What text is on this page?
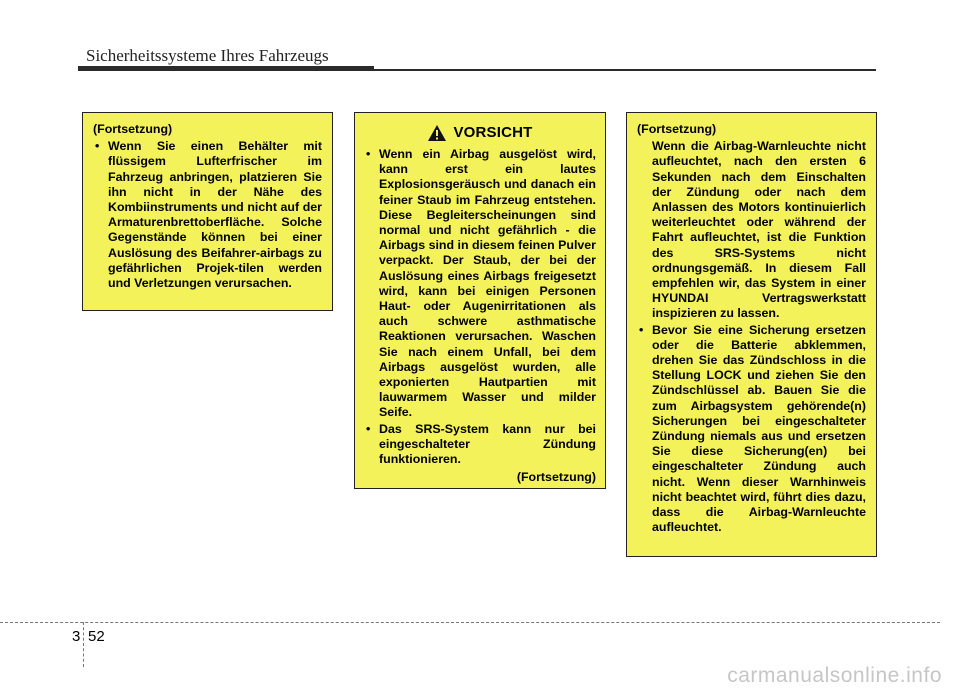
Sicherheitssysteme Ihres Fahrzeugs
(Fortsetzung)
• Wenn Sie einen Behälter mit flüssigem Lufterfrischer im Fahrzeug anbringen, platzieren Sie ihn nicht in der Nähe des Kombiinstruments und nicht auf der Armaturenbrettoberfläche. Solche Gegenstände können bei einer Auslösung des Beifahrer-airbags zu gefährlichen Projek-tilen werden und Verletzungen verursachen.
VORSICHT
• Wenn ein Airbag ausgelöst wird, kann erst ein lautes Explosionsgeräusch und danach ein feiner Staub im Fahrzeug entstehen. Diese Begleiterscheinungen sind normal und nicht gefährlich - die Airbags sind in diesem feinen Pulver verpackt. Der Staub, der bei der Auslösung eines Airbags freigesetzt wird, kann bei einigen Personen Haut- oder Augenirritationen als auch schwere asthmatische Reaktionen verursachen. Waschen Sie nach einem Unfall, bei dem Airbags ausgelöst wurden, alle exponierten Hautpartien mit lauwarmem Wasser und milder Seife.
• Das SRS-System kann nur bei eingeschalteter Zündung funktionieren.
(Fortsetzung)
(Fortsetzung)
Wenn die Airbag-Warnleuchte nicht aufleuchtet, nach den ersten 6 Sekunden nach dem Einschalten der Zündung oder nach dem Anlassen des Motors kontinuierlich weiterleuchtet oder während der Fahrt aufleuchtet, ist die Funktion des SRS-Systems nicht ordnungsgemäß. In diesem Fall empfehlen wir, das System in einer HYUNDAI Vertragswerkstatt inspizieren zu lassen.
• Bevor Sie eine Sicherung ersetzen oder die Batterie abklemmen, drehen Sie das Zündschloss in die Stellung LOCK und ziehen Sie den Zündschlüssel ab. Bauen Sie die zum Airbagsystem gehörende(n) Sicherungen bei eingeschalteter Zündung niemals aus und ersetzen Sie diese Sicherung(en) bei eingeschalteter Zündung auch nicht. Wenn dieser Warnhinweis nicht beachtet wird, führt dies dazu, dass die Airbag-Warnleuchte aufleuchtet.
3 52
carmanualsonline.info
